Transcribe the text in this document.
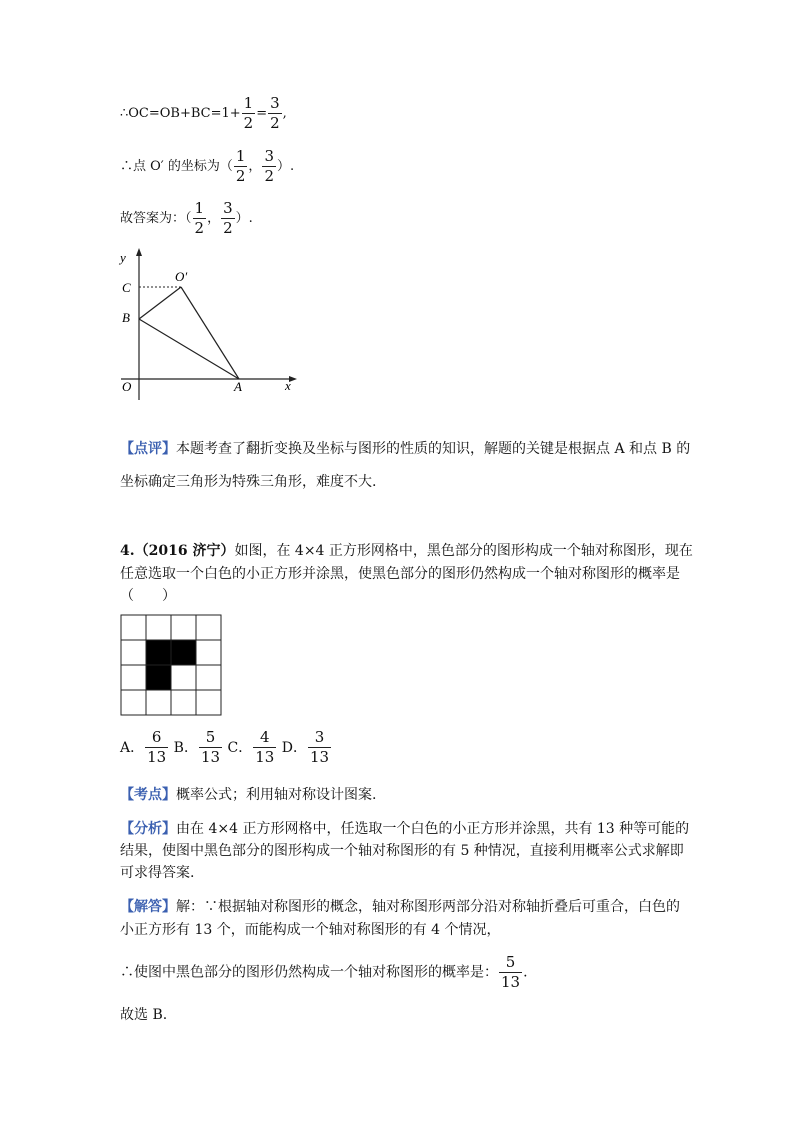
∴OC=OB+BC=1+ $\frac{1}{2} = \frac{3}{2}$ ,
∴点 O′ 的坐标为（ $\frac{1}{2}$ ， $\frac{3}{2}$ ）.
故答案为：（ $\frac{1}{2}$ ， $\frac{3}{2}$ ）.
y
x
O	A
B
C
O′
【点评】本题考查了翻折变换及坐标与图形的性质的知识，解题的关键是根据点 A 和点 B 的
坐标确定三角形为特殊三角形，难度不大.
4.（2016 济宁）如图，在 4×4 正方形网格中，黑色部分的图形构成一个轴对称图形，现在
任意选取一个白色的小正方形并涂黑，使黑色部分的图形仍然构成一个轴对称图形的概率是
（　　）
A． $\frac{6}{13}$ B． $\frac{5}{13}$ C． $\frac{4}{13}$ D． $\frac{3}{13}$
【考点】概率公式；利用轴对称设计图案.
【分析】由在 4×4 正方形网格中，任选取一个白色的小正方形并涂黑，共有 13 种等可能的
结果，使图中黑色部分的图形构成一个轴对称图形的有 5 种情况，直接利用概率公式求解即
可求得答案.
【解答】解：∵根据轴对称图形的概念，轴对称图形两部分沿对称轴折叠后可重合，白色的
小正方形有 13 个，而能构成一个轴对称图形的有 4 个情况，
∴使图中黑色部分的图形仍然构成一个轴对称图形的概率是： $\frac{5}{13}$ .
故选 B.
